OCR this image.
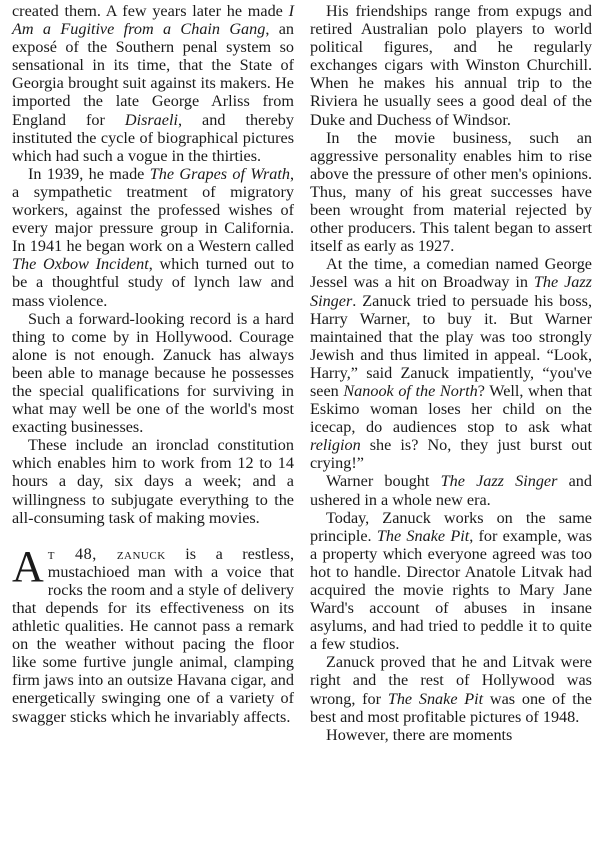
created them. A few years later he made I Am a Fugitive from a Chain Gang, an exposé of the Southern penal system so sensational in its time, that the State of Georgia brought suit against its makers. He imported the late George Arliss from England for Disraeli, and thereby instituted the cycle of biographical pictures which had such a vogue in the thirties.

In 1939, he made The Grapes of Wrath, a sympathetic treatment of migratory workers, against the professed wishes of every major pressure group in California. In 1941 he began work on a Western called The Oxbow Incident, which turned out to be a thoughtful study of lynch law and mass violence.

Such a forward-looking record is a hard thing to come by in Hollywood. Courage alone is not enough. Zanuck has always been able to manage because he possesses the special qualifications for surviving in what may well be one of the world's most exacting businesses.

These include an ironclad constitution which enables him to work from 12 to 14 hours a day, six days a week; and a willingness to subjugate everything to the all-consuming task of making movies.

At 48, zanuck is a restless, mustachioed man with a voice that rocks the room and a style of delivery that depends for its effectiveness on its athletic qualities. He cannot pass a remark on the weather without pacing the floor like some furtive jungle animal, clamping firm jaws into an outsize Havana cigar, and energetically swinging one of a variety of swagger sticks which he invariably affects.

His friendships range from expugs and retired Australian polo players to world political figures, and he regularly exchanges cigars with Winston Churchill. When he makes his annual trip to the Riviera he usually sees a good deal of the Duke and Duchess of Windsor.

In the movie business, such an aggressive personality enables him to rise above the pressure of other men's opinions. Thus, many of his great successes have been wrought from material rejected by other producers. This talent began to assert itself as early as 1927.

At the time, a comedian named George Jessel was a hit on Broadway in The Jazz Singer. Zanuck tried to persuade his boss, Harry Warner, to buy it. But Warner maintained that the play was too strongly Jewish and thus limited in appeal. “Look, Harry,” said Zanuck impatiently, “you've seen Nanook of the North? Well, when that Eskimo woman loses her child on the icecap, do audiences stop to ask what religion she is? No, they just burst out crying!”

Warner bought The Jazz Singer and ushered in a whole new era.

Today, Zanuck works on the same principle. The Snake Pit, for example, was a property which everyone agreed was too hot to handle. Director Anatole Litvak had acquired the movie rights to Mary Jane Ward's account of abuses in insane asylums, and had tried to peddle it to quite a few studios.

Zanuck proved that he and Litvak were right and the rest of Hollywood was wrong, for The Snake Pit was one of the best and most profitable pictures of 1948.

However, there are moments
